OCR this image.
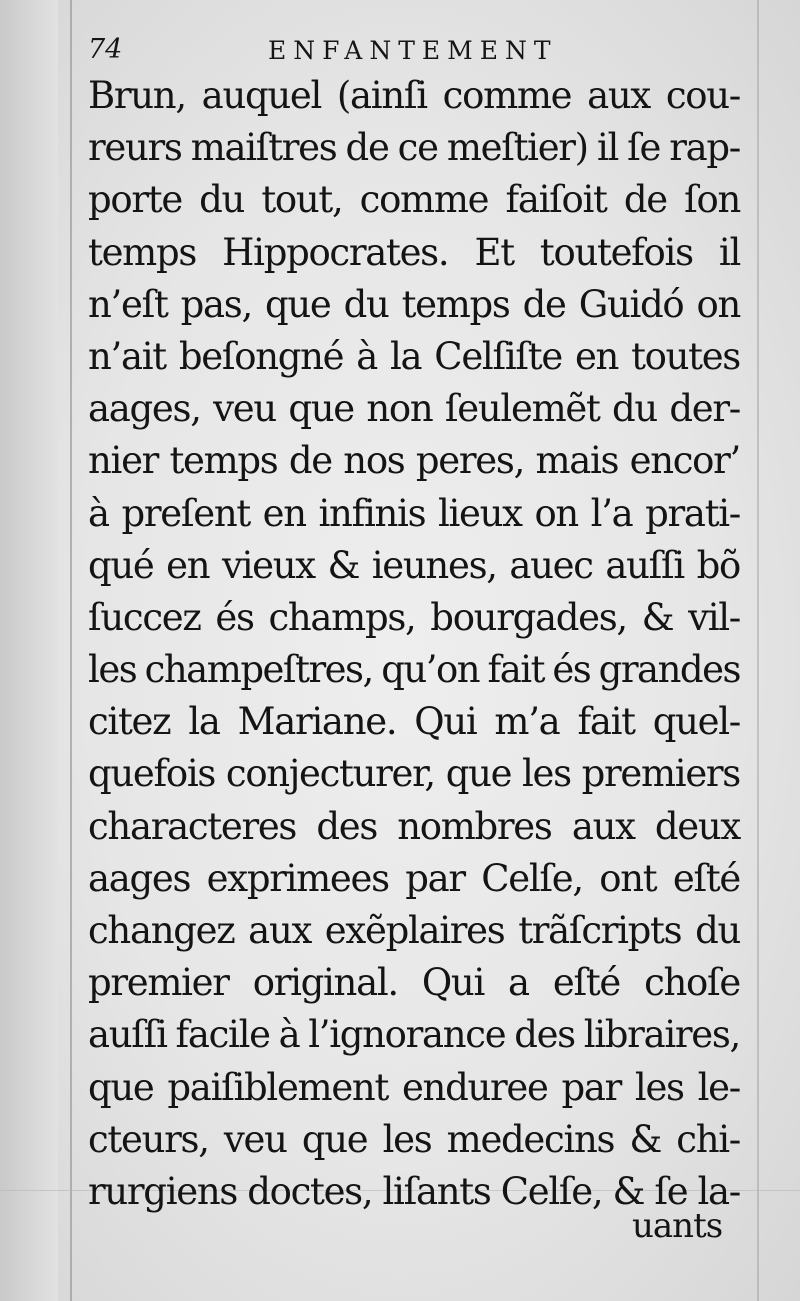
74	ENFANTEMENT
Brun, auquel (ainſi comme aux cou-
reurs maiſtres de ce meſtier) il ſe rap-
porte du tout, comme faiſoit de ſon
temps Hippocrates. Et toutefois il
n’eſt pas, que du temps de Guidó on
n’ait beſongné à la Celſiſte en toutes
aages, veu que non ſeulemẽt du der-
nier temps de nos peres, mais encor’
à preſent en infinis lieux on l’a prati-
qué en vieux & ieunes, auec auſſi bõ
ſuccez és champs, bourgades, & vil-
les champeſtres, qu’on fait és grandes
citez la Mariane. Qui m’a fait quel-
quefois conjecturer, que les premiers
characteres des nombres aux deux
aages exprimees par Celſe, ont eſté
changez aux exẽplaires trãſcripts du
premier original. Qui a eſté choſe
auſſi facile à l’ignorance des libraires,
que paiſiblement enduree par les le-
cteurs, veu que les medecins & chi-
rurgiens doctes, liſants Celſe, & ſe la-
uants
